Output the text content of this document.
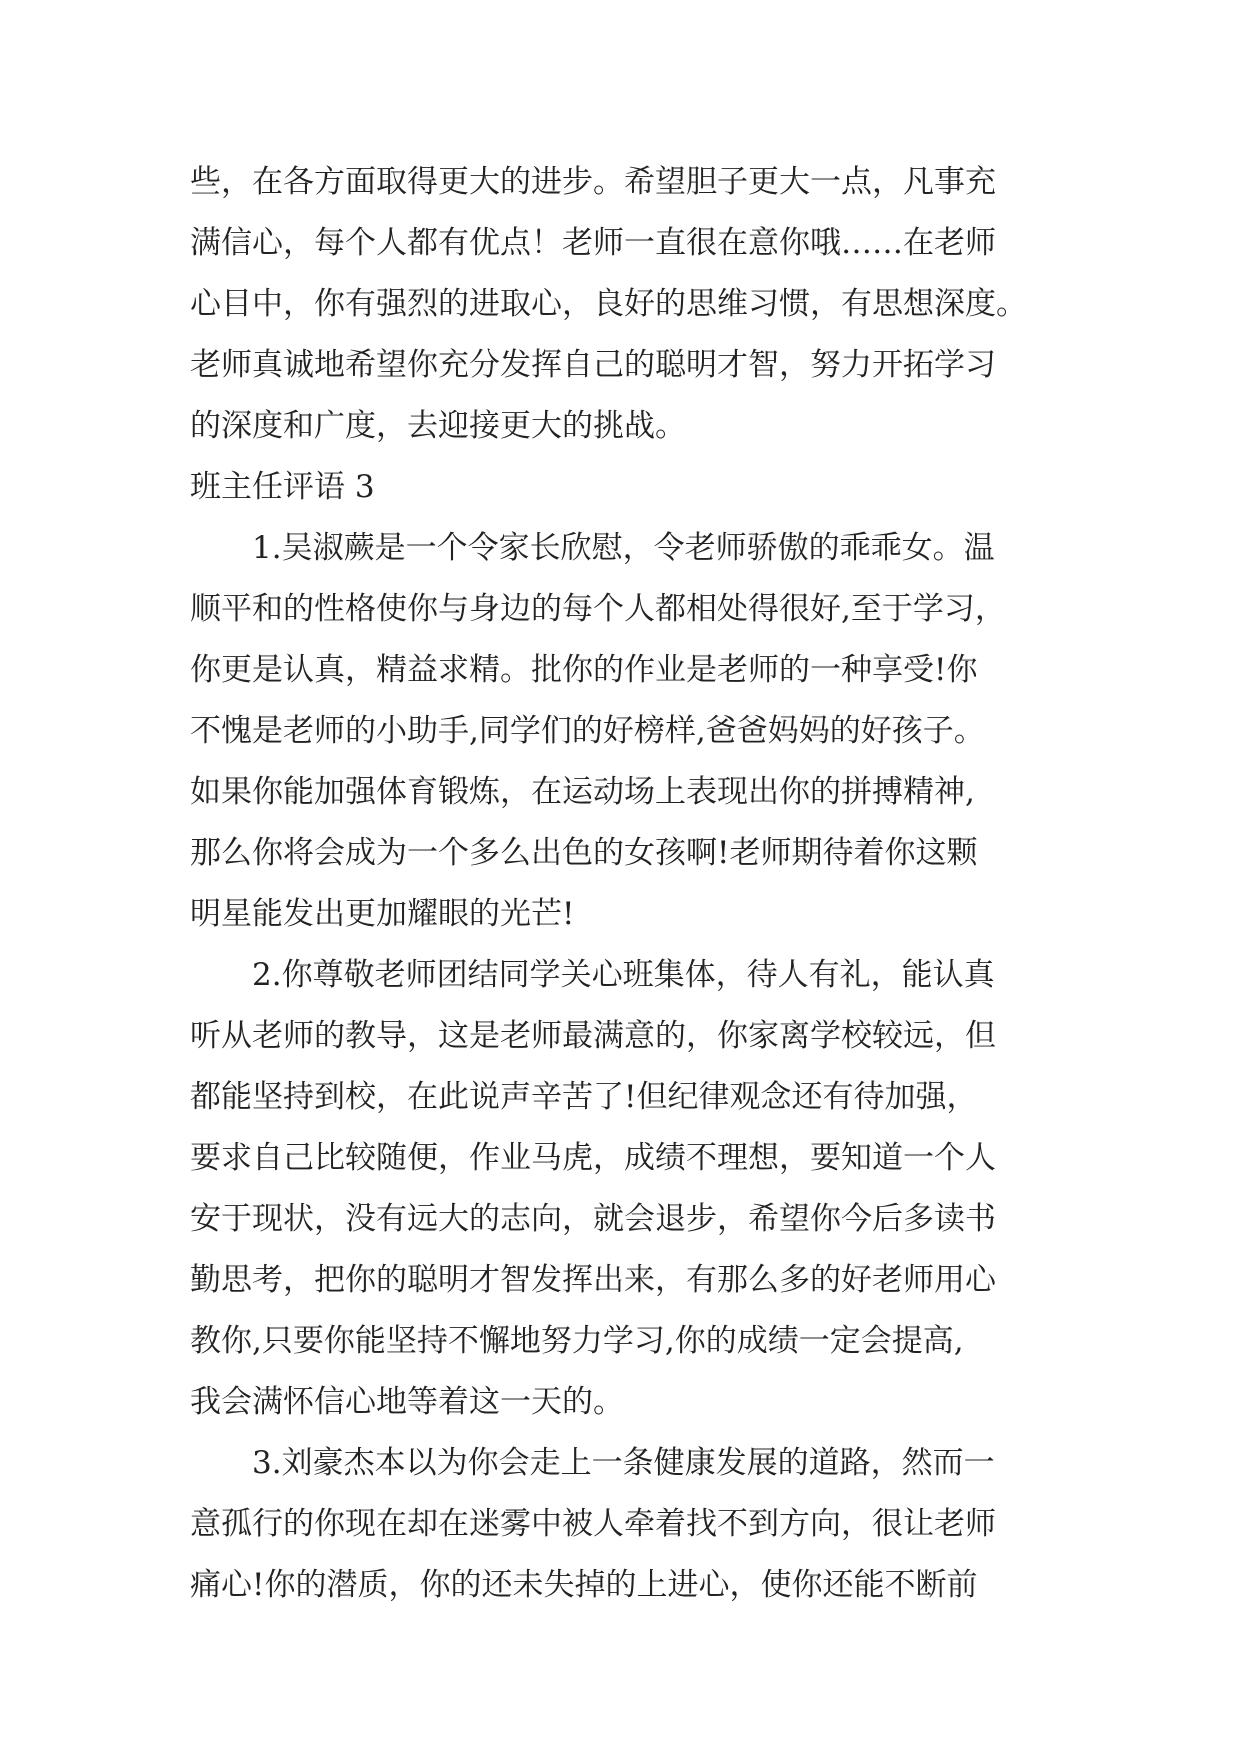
些，在各方面取得更大的进步。希望胆子更大一点，凡事充
满信心，每个人都有优点！老师一直很在意你哦……在老师
心目中，你有强烈的进取心，良好的思维习惯，有思想深度。
老师真诚地希望你充分发挥自己的聪明才智，努力开拓学习
的深度和广度，去迎接更大的挑战。
班主任评语 3
1.吴淑蕨是一个令家长欣慰，令老师骄傲的乖乖女。温
顺平和的性格使你与身边的每个人都相处得很好,至于学习，
你更是认真，精益求精。批你的作业是老师的一种享受!你
不愧是老师的小助手,同学们的好榜样,爸爸妈妈的好孩子。
如果你能加强体育锻炼，在运动场上表现出你的拼搏精神,
那么你将会成为一个多么出色的女孩啊!老师期待着你这颗
明星能发出更加耀眼的光芒!
2.你尊敬老师团结同学关心班集体，待人有礼，能认真
听从老师的教导，这是老师最满意的，你家离学校较远，但
都能坚持到校，在此说声辛苦了!但纪律观念还有待加强，
要求自己比较随便，作业马虎，成绩不理想，要知道一个人
安于现状，没有远大的志向，就会退步，希望你今后多读书
勤思考，把你的聪明才智发挥出来，有那么多的好老师用心
教你,只要你能坚持不懈地努力学习,你的成绩一定会提高,
我会满怀信心地等着这一天的。
3.刘豪杰本以为你会走上一条健康发展的道路，然而一
意孤行的你现在却在迷雾中被人牵着找不到方向，很让老师
痛心!你的潜质，你的还未失掉的上进心，使你还能不断前
